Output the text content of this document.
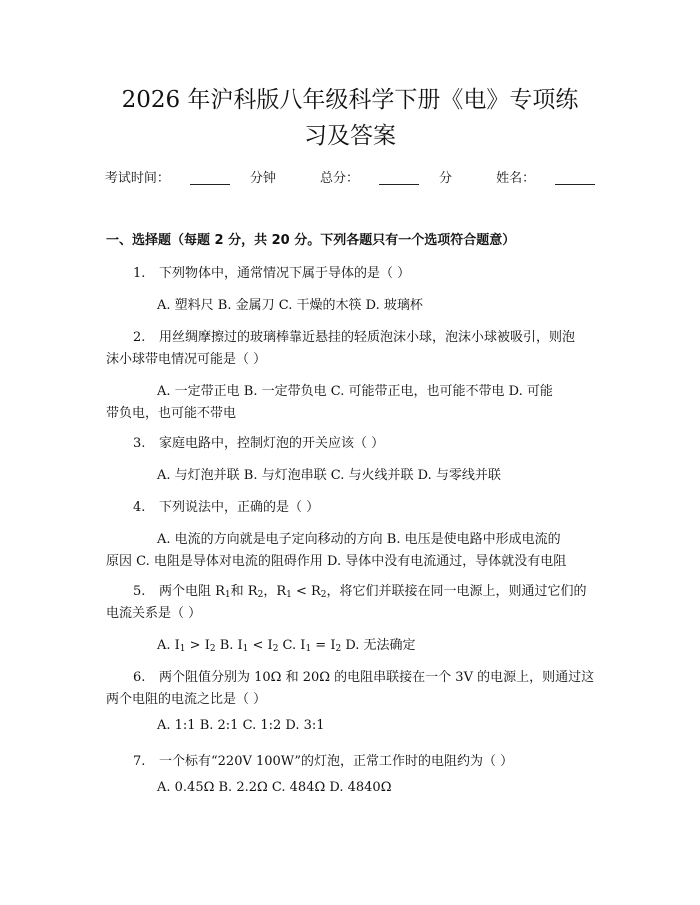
2026 年沪科版八年级科学下册《电》专项练
习及答案
考试时间：	分钟	总分：	分	姓名：
一、选择题（每题 2 分，共 20 分。下列各题只有一个选项符合题意）
1. 下列物体中，通常情况下属于导体的是（ ）
A. 塑料尺 B. 金属刀 C. 干燥的木筷 D. 玻璃杯
2. 用丝绸摩擦过的玻璃棒靠近悬挂的轻质泡沫小球，泡沫小球被吸引，则泡
沫小球带电情况可能是（ ）
A. 一定带正电 B. 一定带负电 C. 可能带正电，也可能不带电 D. 可能
带负电，也可能不带电
3. 家庭电路中，控制灯泡的开关应该（ ）
A. 与灯泡并联 B. 与灯泡串联 C. 与火线并联 D. 与零线并联
4. 下列说法中，正确的是（ ）
A. 电流的方向就是电子定向移动的方向 B. 电压是使电路中形成电流的
原因 C. 电阻是导体对电流的阻碍作用 D. 导体中没有电流通过，导体就没有电阻
5. 两个电阻 $R_1$和 $R_2$，$R_1 < R_2$，将它们并联接在同一电源上，则通过它们的
电流关系是（ ）
A. $I_1 > I_2$ B. $I_1 < I_2$ C. $I_1 = I_2$ D. 无法确定
6. 两个阻值分别为 10Ω 和 20Ω 的电阻串联接在一个 3V 的电源上，则通过这
两个电阻的电流之比是（ ）
A. 1:1 B. 2:1 C. 1:2 D. 3:1
7. 一个标有“220V 100W”的灯泡，正常工作时的电阻约为（ ）
A. 0.45Ω B. 2.2Ω C. 484Ω D. 4840Ω
